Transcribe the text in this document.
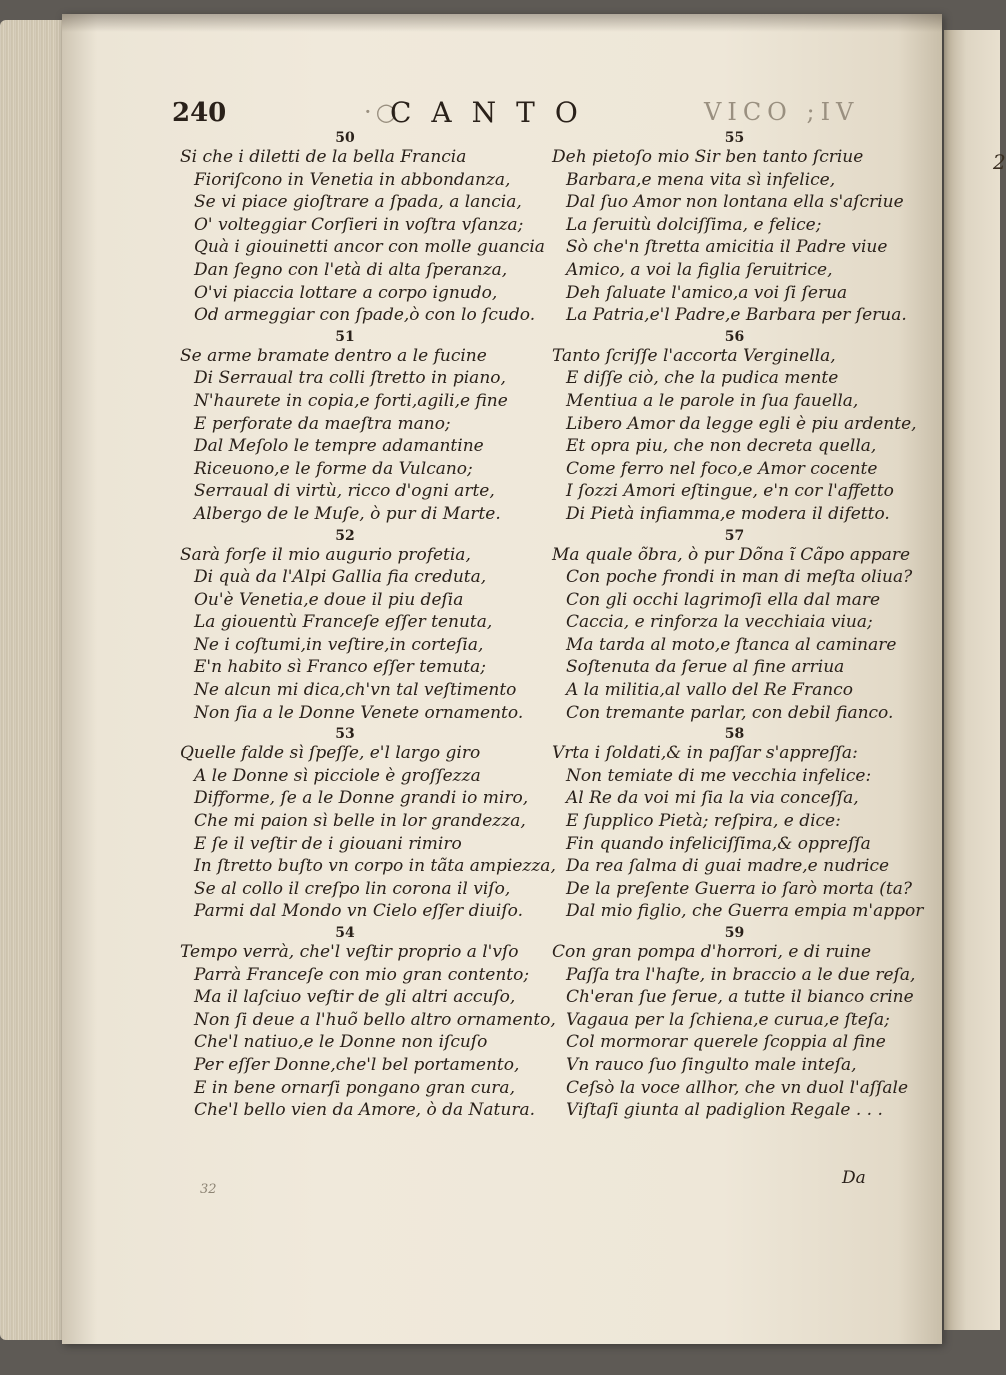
2
240	·○
CANTO	VICO ;IV
50
Si che i diletti de la bella Francia
Fioriſcono in Venetia in abbondanza,
Se vi piace gioſtrare a ſpada, a lancia,
O' volteggiar Corſieri in voſtra vſanza;
Quà i giouinetti ancor con molle guancia
Dan ſegno con l'età di alta ſperanza,
O'vi piaccia lottare a corpo ignudo,
Od armeggiar con ſpade,ò con lo ſcudo.
51
Se arme bramate dentro a le fucine
Di Serraual tra colli ſtretto in piano,
N'haurete in copia,e forti,agili,e fine
E perforate da maeſtra mano;
Dal Meſolo le tempre adamantine
Riceuono,e le forme da Vulcano;
Serraual di virtù, ricco d'ogni arte,
Albergo de le Muſe, ò pur di Marte.
52
Sarà forſe il mio augurio profetia,
Di quà da l'Alpi Gallia fia creduta,
Ou'è Venetia,e doue il piu deſia
La giouentù Franceſe eſſer tenuta,
Ne i coſtumi,in veſtire,in corteſia,
E'n habito sì Franco eſſer temuta;
Ne alcun mi dica,ch'vn tal veſtimento
Non ſia a le Donne Venete ornamento.
53
Quelle falde sì ſpeſſe, e'l largo giro
A le Donne sì picciole è groſſezza
Difforme, ſe a le Donne grandi io miro,
Che mi paion sì belle in lor grandezza,
E ſe il veſtir de i giouani rimiro
In ſtretto buſto vn corpo in tãta ampiezza,
Se al collo il creſpo lin corona il viſo,
Parmi dal Mondo vn Cielo eſſer diuiſo.
54
Tempo verrà, che'l veſtir proprio a l'vſo
Parrà Franceſe con mio gran contento;
Ma il laſciuo veſtir de gli altri accuſo,
Non ſi deue a l'huõ bello altro ornamento,
Che'l natiuo,e le Donne non iſcuſo
Per eſſer Donne,che'l bel portamento,
E in bene ornarſi pongano gran cura,
Che'l bello vien da Amore, ò da Natura.
55
Deh pietoſo mio Sir ben tanto ſcriue
Barbara,e mena vita sì infelice,
Dal ſuo Amor non lontana ella s'aſcriue
La ſeruitù dolciſſima, e felice;
Sò che'n ſtretta amicitia il Padre viue
Amico, a voi la figlia ſeruitrice,
Deh ſaluate l'amico,a voi ſi ſerua
La Patria,e'l Padre,e Barbara per ſerua.
56
Tanto ſcriſſe l'accorta Verginella,
E diſſe ciò, che la pudica mente
Mentiua a le parole in ſua fauella,
Libero Amor da legge egli è piu ardente,
Et opra piu, che non decreta quella,
Come ferro nel foco,e Amor cocente
I ſozzi Amori eſtingue, e'n cor l'affetto
Di Pietà infiamma,e modera il difetto.
57
Ma quale õbra, ò pur Dõna ĩ Cãpo appare
Con poche frondi in man di meſta oliua?
Con gli occhi lagrimoſi ella dal mare
Caccia, e rinforza la vecchiaia viua;
Ma tarda al moto,e ſtanca al caminare
Soſtenuta da ſerue al fine arriua
A la militia,al vallo del Re Franco
Con tremante parlar, con debil fianco.
58
Vrta i ſoldati,& in paſſar s'appreſſa:
Non temiate di me vecchia infelice:
Al Re da voi mi ſia la via conceſſa,
E ſupplico Pietà; reſpira, e dice:
Fin quando infeliciſſima,& oppreſſa
Da rea ſalma di guai madre,e nudrice
De la preſente Guerra io ſarò morta (ta?
Dal mio figlio, che Guerra empia m'appor
59
Con gran pompa d'horrori, e di ruine
Paſſa tra l'haſte, in braccio a le due reſa,
Ch'eran ſue ſerue, a tutte il bianco crine
Vagaua per la ſchiena,e curua,e ſteſa;
Col mormorar querele ſcoppia al fine
Vn rauco ſuo ſingulto male inteſa,
Ceſsò la voce allhor, che vn duol l'aſſale
Viſtaſi giunta al padiglion Regale . . .
Da
32
